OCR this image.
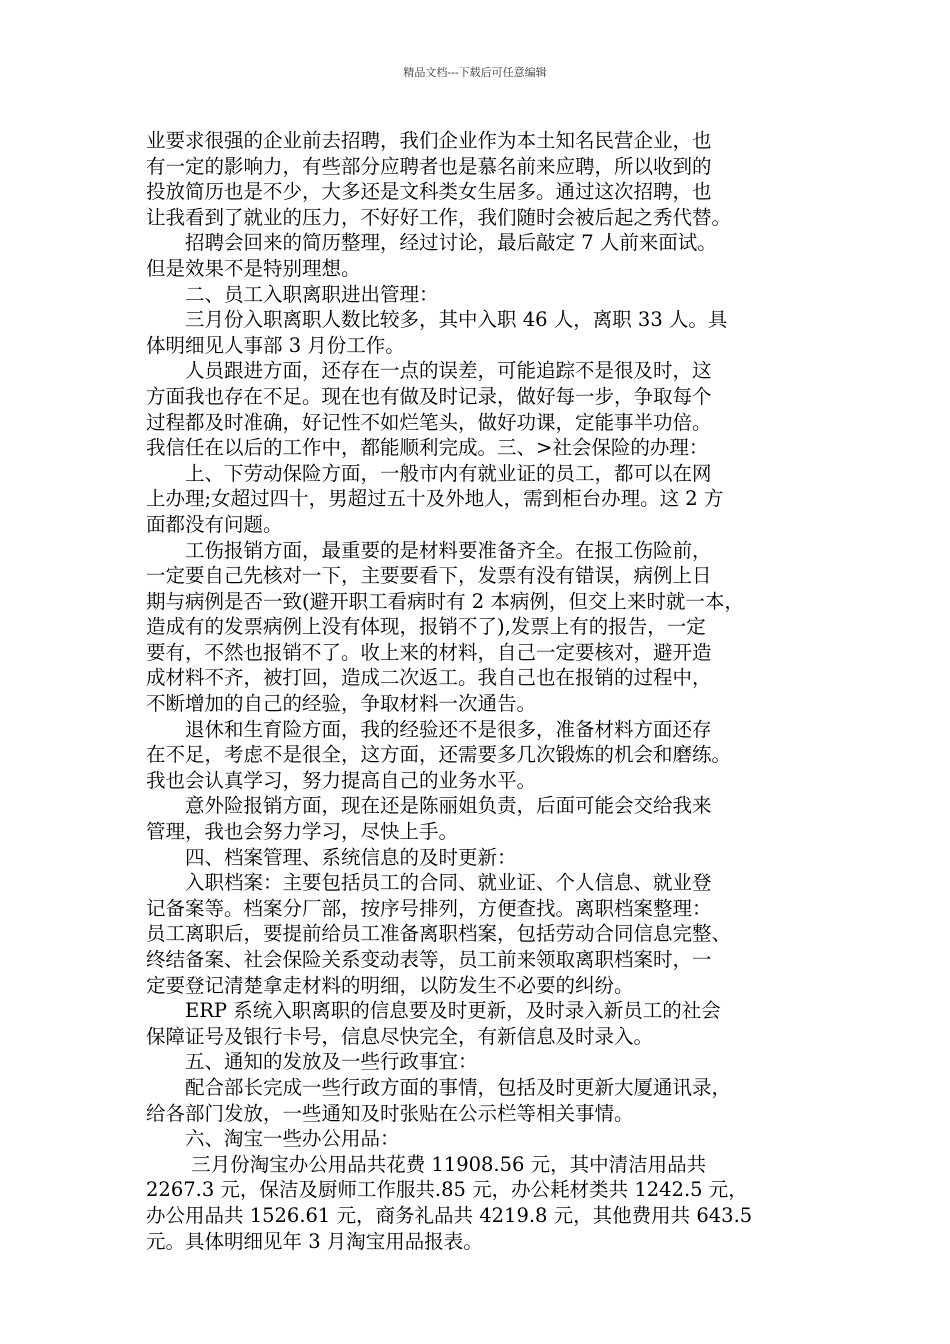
精品文档---下载后可任意编辑

业要求很强的企业前去招聘，我们企业作为本土知名民营企业，也

有一定的影响力，有些部分应聘者也是慕名前来应聘，所以收到的

投放简历也是不少，大多还是文科类女生居多。通过这次招聘，也

让我看到了就业的压力，不好好工作，我们随时会被后起之秀代替。

　　招聘会回来的简历整理，经过讨论，最后敲定 7 人前来面试。

但是效果不是特别理想。

　　二、员工入职离职进出管理：

　　三月份入职离职人数比较多，其中入职 46 人，离职 33 人。具

体明细见人事部 3 月份工作。

　　人员跟进方面，还存在一点的误差，可能追踪不是很及时，这

方面我也存在不足。现在也有做及时记录，做好每一步，争取每个

过程都及时准确，好记性不如烂笔头，做好功课，定能事半功倍。

我信任在以后的工作中，都能顺利完成。三、>社会保险的办理：

　　上、下劳动保险方面，一般市内有就业证的员工，都可以在网

上办理;女超过四十，男超过五十及外地人，需到柜台办理。这 2 方

面都没有问题。

　　工伤报销方面，最重要的是材料要准备齐全。在报工伤险前，

一定要自己先核对一下，主要要看下，发票有没有错误，病例上日

期与病例是否一致(避开职工看病时有 2 本病例，但交上来时就一本，

造成有的发票病例上没有体现，报销不了),发票上有的报告，一定

要有，不然也报销不了。收上来的材料，自己一定要核对，避开造

成材料不齐，被打回，造成二次返工。我自己也在报销的过程中，

不断增加的自己的经验，争取材料一次通告。

　　退休和生育险方面，我的经验还不是很多，准备材料方面还存

在不足，考虑不是很全，这方面，还需要多几次锻炼的机会和磨练。

我也会认真学习，努力提高自己的业务水平。

　　意外险报销方面，现在还是陈丽姐负责，后面可能会交给我来

管理，我也会努力学习，尽快上手。

　　四、档案管理、系统信息的及时更新：

　　入职档案：主要包括员工的合同、就业证、个人信息、就业登

记备案等。档案分厂部，按序号排列，方便查找。离职档案整理：

员工离职后，要提前给员工准备离职档案，包括劳动合同信息完整、

终结备案、社会保险关系变动表等，员工前来领取离职档案时，一

定要登记清楚拿走材料的明细，以防发生不必要的纠纷。

　　ERP 系统入职离职的信息要及时更新，及时录入新员工的社会

保障证号及银行卡号，信息尽快完全，有新信息及时录入。

　　五、通知的发放及一些行政事宜：

　　配合部长完成一些行政方面的事情，包括及时更新大厦通讯录，

给各部门发放，一些通知及时张贴在公示栏等相关事情。

　　六、淘宝一些办公用品：

　　 三月份淘宝办公用品共花费 11908.56 元，其中清洁用品共

2267.3 元，保洁及厨师工作服共.85 元，办公耗材类共 1242.5 元，

办公用品共 1526.61 元，商务礼品共 4219.8 元，其他费用共 643.5

元。具体明细见年 3 月淘宝用品报表。
